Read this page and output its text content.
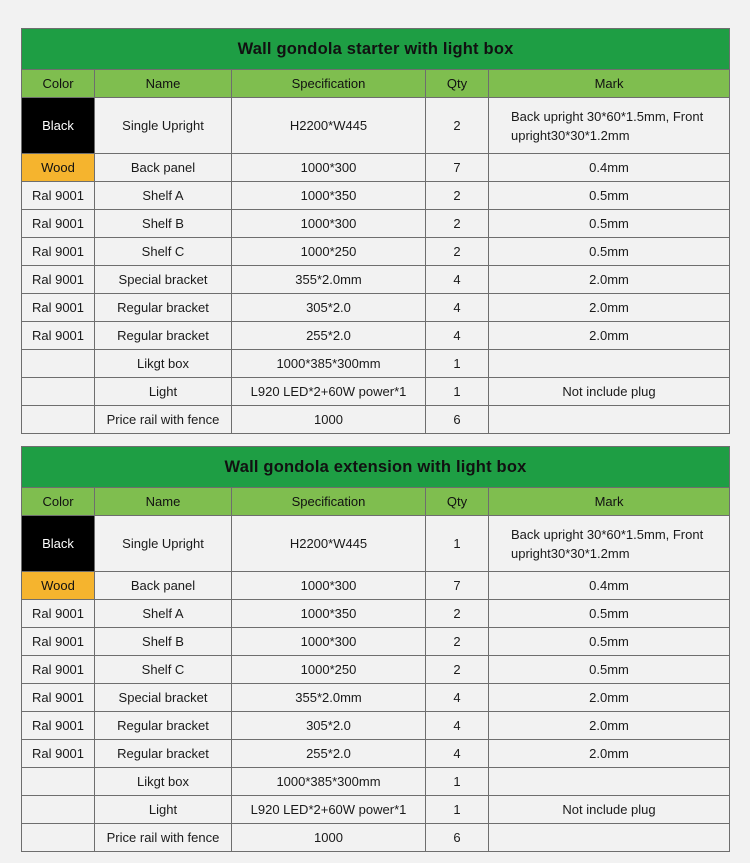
Wall gondola starter with light box				
Color	Name	Specification	Qty	Mark
Black	Single Upright	H2200*W445	2	Back upright 30*60*1.5mm, Front upright30*30*1.2mm
Wood	Back panel	1000*300	7	0.4mm
Ral 9001	Shelf A	1000*350	2	0.5mm
Ral 9001	Shelf B	1000*300	2	0.5mm
Ral 9001	Shelf C	1000*250	2	0.5mm
Ral 9001	Special bracket	355*2.0mm	4	2.0mm
Ral 9001	Regular bracket	305*2.0	4	2.0mm
Ral 9001	Regular bracket	255*2.0	4	2.0mm
	Likgt box	1000*385*300mm	1	
	Light	L920 LED*2+60W power*1	1	Not include plug
	Price rail with fence	1000	6	
Wall gondola extension with light box				
Color	Name	Specification	Qty	Mark
Black	Single Upright	H2200*W445	1	Back upright 30*60*1.5mm, Front upright30*30*1.2mm
Wood	Back panel	1000*300	7	0.4mm
Ral 9001	Shelf A	1000*350	2	0.5mm
Ral 9001	Shelf B	1000*300	2	0.5mm
Ral 9001	Shelf C	1000*250	2	0.5mm
Ral 9001	Special bracket	355*2.0mm	4	2.0mm
Ral 9001	Regular bracket	305*2.0	4	2.0mm
Ral 9001	Regular bracket	255*2.0	4	2.0mm
	Likgt box	1000*385*300mm	1	
	Light	L920 LED*2+60W power*1	1	Not include plug
	Price rail with fence	1000	6	
